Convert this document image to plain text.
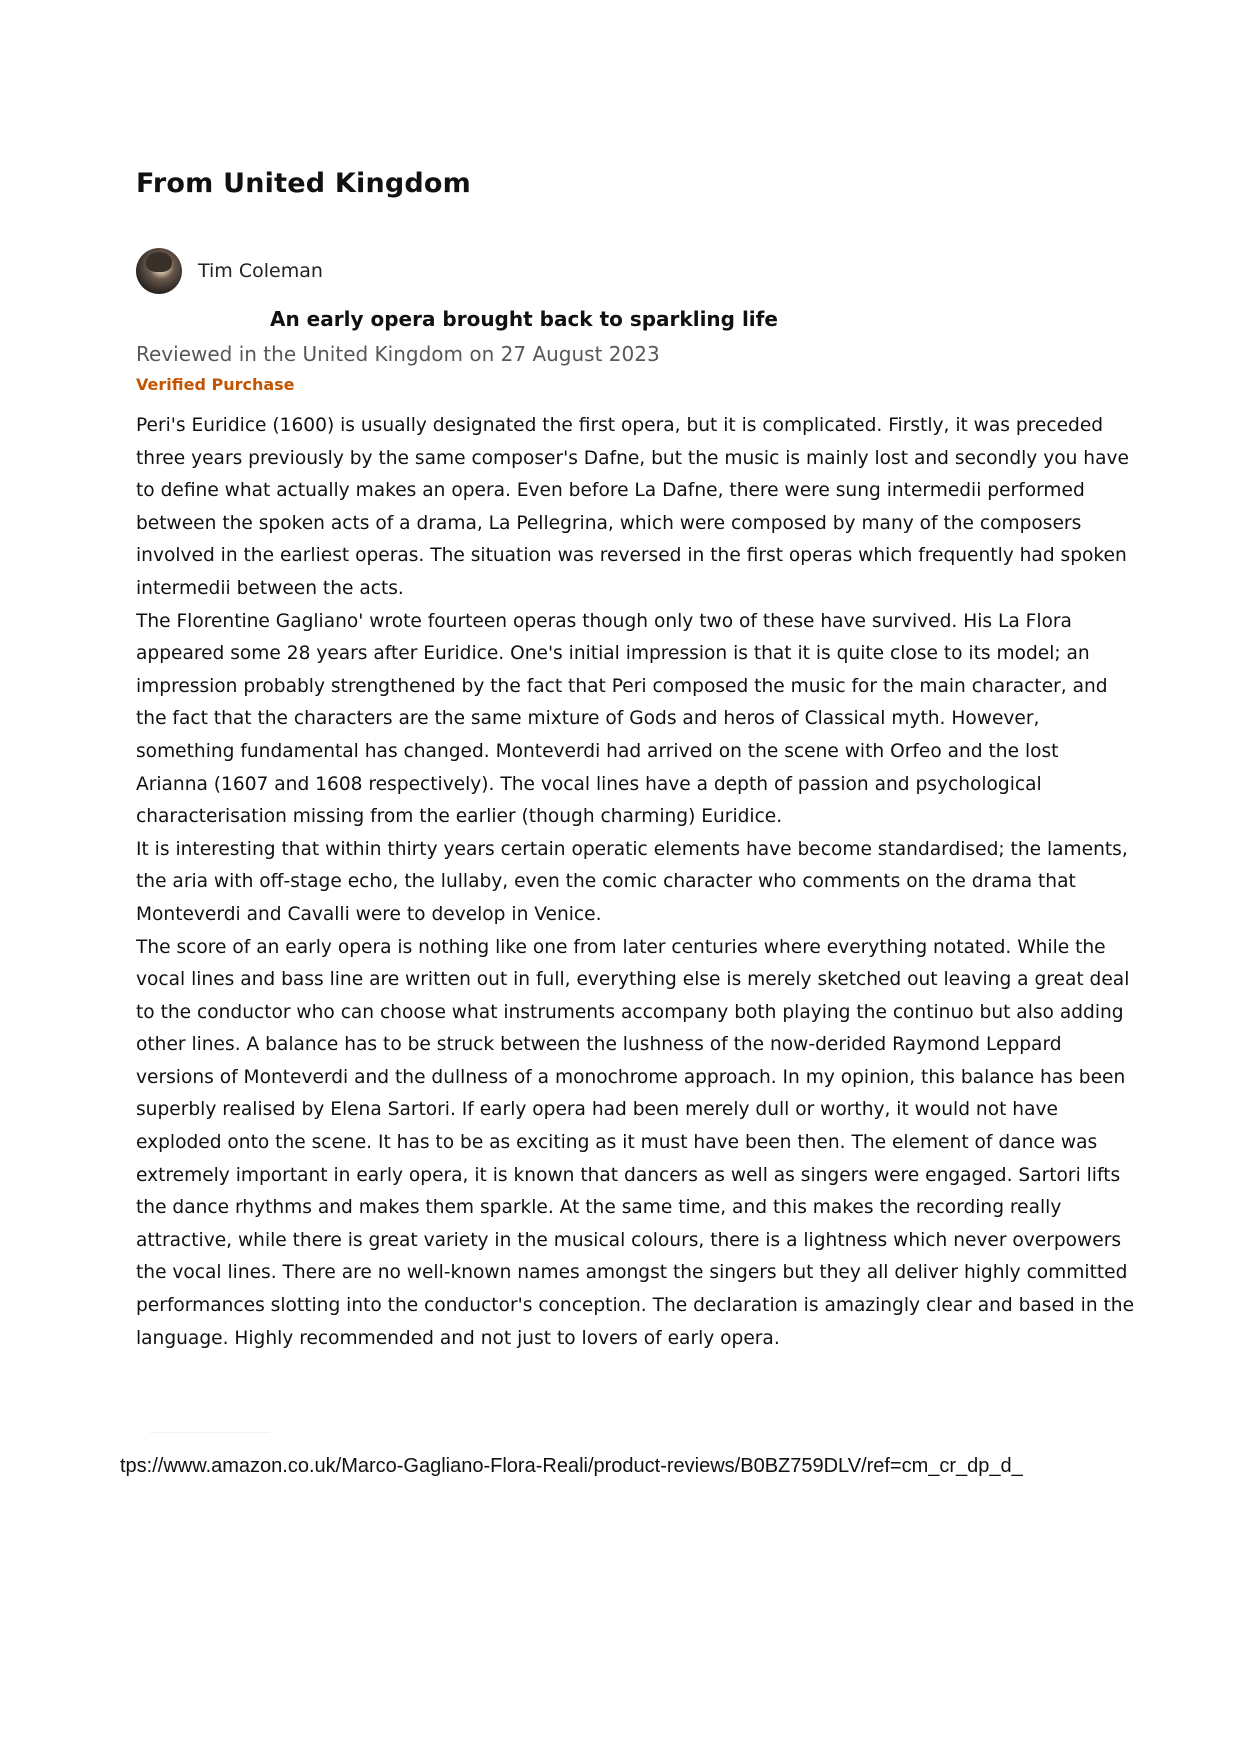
From United Kingdom
Tim Coleman
An early opera brought back to sparkling life

Reviewed in the United Kingdom on 27 August 2023

Verified Purchase

Peri's Euridice (1600) is usually designated the first opera, but it is complicated. Firstly, it was preceded three years previously by the same composer's Dafne, but the music is mainly lost and secondly you have to define what actually makes an opera. Even before La Dafne, there were sung intermedii performed between the spoken acts of a drama, La Pellegrina, which were composed by many of the composers involved in the earliest operas. The situation was reversed in the first operas which frequently had spoken intermedii between the acts.

The Florentine Gagliano' wrote fourteen operas though only two of these have survived. His La Flora appeared some 28 years after Euridice. One's initial impression is that it is quite close to its model; an impression probably strengthened by the fact that Peri composed the music for the main character, and the fact that the characters are the same mixture of Gods and heros of Classical myth. However, something fundamental has changed. Monteverdi had arrived on the scene with Orfeo and the lost Arianna (1607 and 1608 respectively). The vocal lines have a depth of passion and psychological characterisation missing from the earlier (though charming) Euridice.

It is interesting that within thirty years certain operatic elements have become standardised; the laments, the aria with off-stage echo, the lullaby, even the comic character who comments on the drama that Monteverdi and Cavalli were to develop in Venice.

The score of an early opera is nothing like one from later centuries where everything notated. While the vocal lines and bass line are written out in full, everything else is merely sketched out leaving a great deal to the conductor who can choose what instruments accompany both playing the continuo but also adding other lines. A balance has to be struck between the lushness of the now-derided Raymond Leppard versions of Monteverdi and the dullness of a monochrome approach. In my opinion, this balance has been superbly realised by Elena Sartori. If early opera had been merely dull or worthy, it would not have exploded onto the scene. It has to be as exciting as it must have been then. The element of dance was extremely important in early opera, it is known that dancers as well as singers were engaged. Sartori lifts the dance rhythms and makes them sparkle. At the same time, and this makes the recording really attractive, while there is great variety in the musical colours, there is a lightness which never overpowers the vocal lines. There are no well-known names amongst the singers but they all deliver highly committed performances slotting into the conductor's conception. The declaration is amazingly clear and based in the language. Highly recommended and not just to lovers of early opera.

tps://www.amazon.co.uk/Marco-Gagliano-Flora-Reali/product-reviews/B0BZ759DLV/ref=cm_cr_dp_d_
